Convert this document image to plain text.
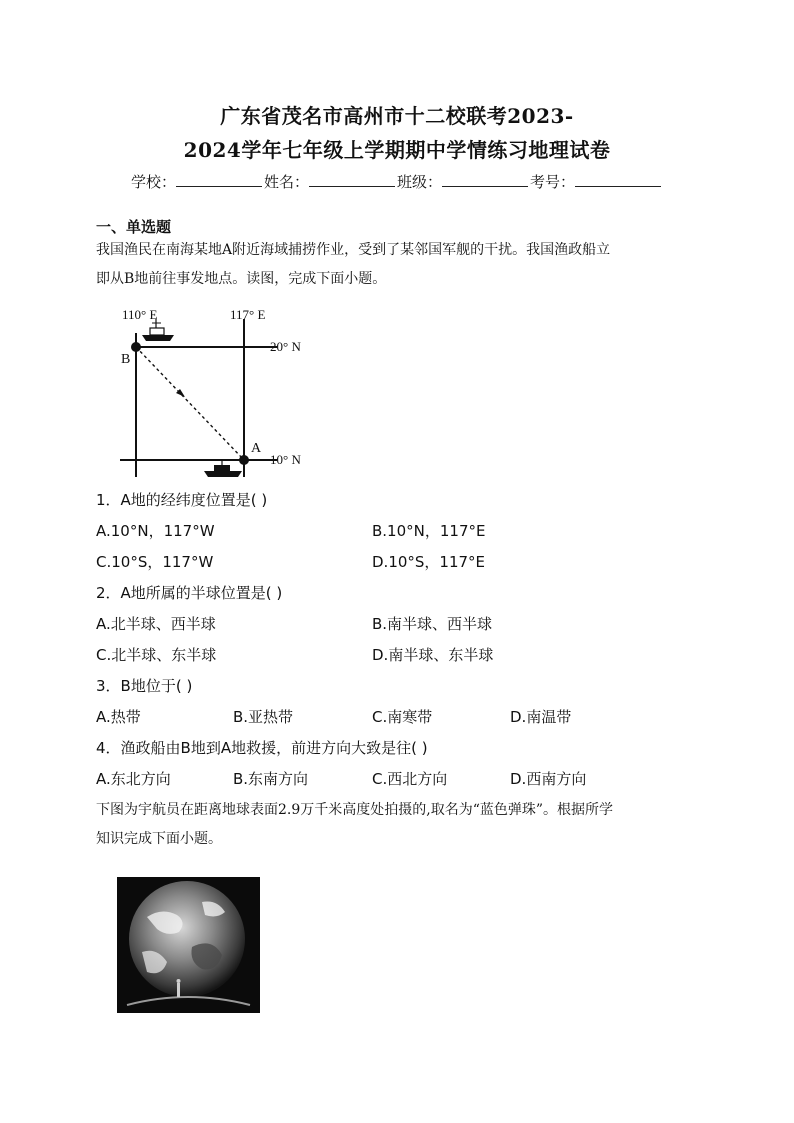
广东省茂名市高州市十二校联考2023-
2024学年七年级上学期期中学情练习地理试卷
学校：	姓名：	班级：	考号：
一、单选题
我国渔民在南海某地A附近海域捕捞作业，受到了某邻国军舰的干扰。我国渔政船立
即从B地前往事发地点。读图，完成下面小题。
110° E	117° E
20° N
10° N
B
A
1．A地的经纬度位置是( )
A.10°N，117°W	B.10°N，117°E
C.10°S，117°W	D.10°S，117°E
2．A地所属的半球位置是( )
A.北半球、西半球	B.南半球、西半球
C.北半球、东半球	D.南半球、东半球
3．B地位于( )
A.热带	B.亚热带	C.南寒带	D.南温带
4．渔政船由B地到A地救援，前进方向大致是往( )
A.东北方向	B.东南方向	C.西北方向	D.西南方向
下图为宇航员在距离地球表面2.9万千米高度处拍摄的,取名为“蓝色弹珠”。根据所学
知识完成下面小题。
